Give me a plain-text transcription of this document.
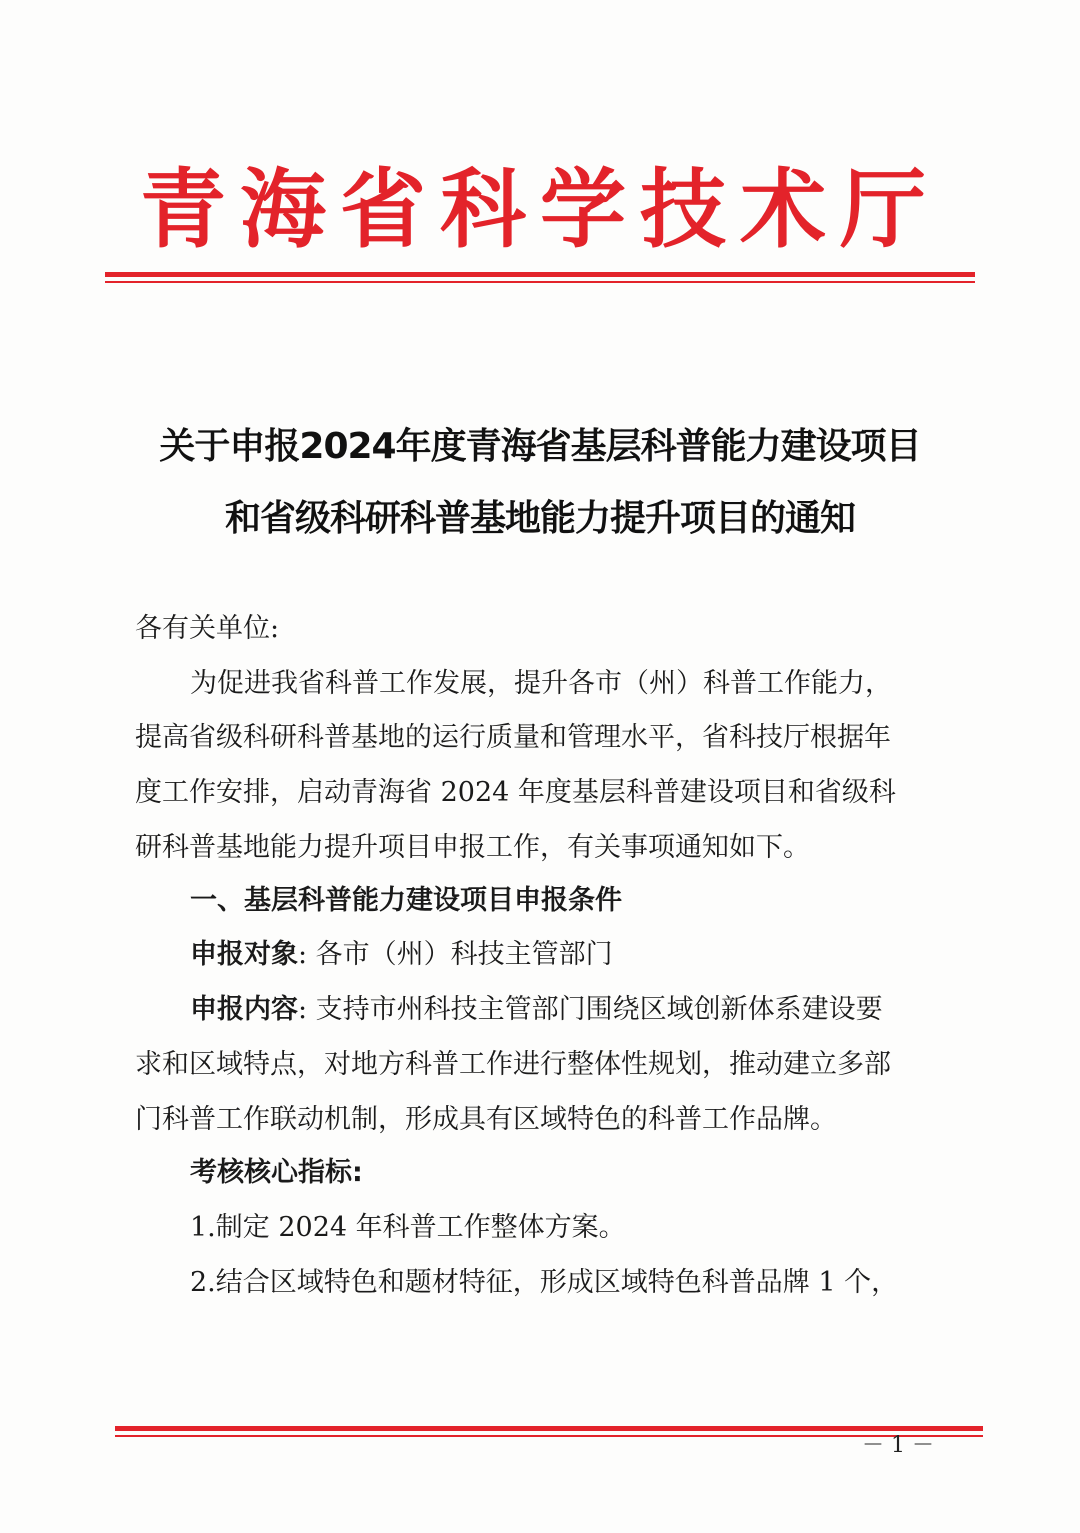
青海省科学技术厅
关于申报2024年度青海省基层科普能力建设项目
和省级科研科普基地能力提升项目的通知
各有关单位:
为促进我省科普工作发展，提升各市（州）科普工作能力，
提高省级科研科普基地的运行质量和管理水平，省科技厅根据年
度工作安排，启动青海省 2024 年度基层科普建设项目和省级科
研科普基地能力提升项目申报工作，有关事项通知如下。
一、基层科普能力建设项目申报条件
申报对象: 各市（州）科技主管部门
申报内容: 支持市州科技主管部门围绕区域创新体系建设要
求和区域特点，对地方科普工作进行整体性规划，推动建立多部
门科普工作联动机制，形成具有区域特色的科普工作品牌。
考核核心指标:
1.制定 2024 年科普工作整体方案。
2.结合区域特色和题材特征，形成区域特色科普品牌 1 个，
－ 1 －
